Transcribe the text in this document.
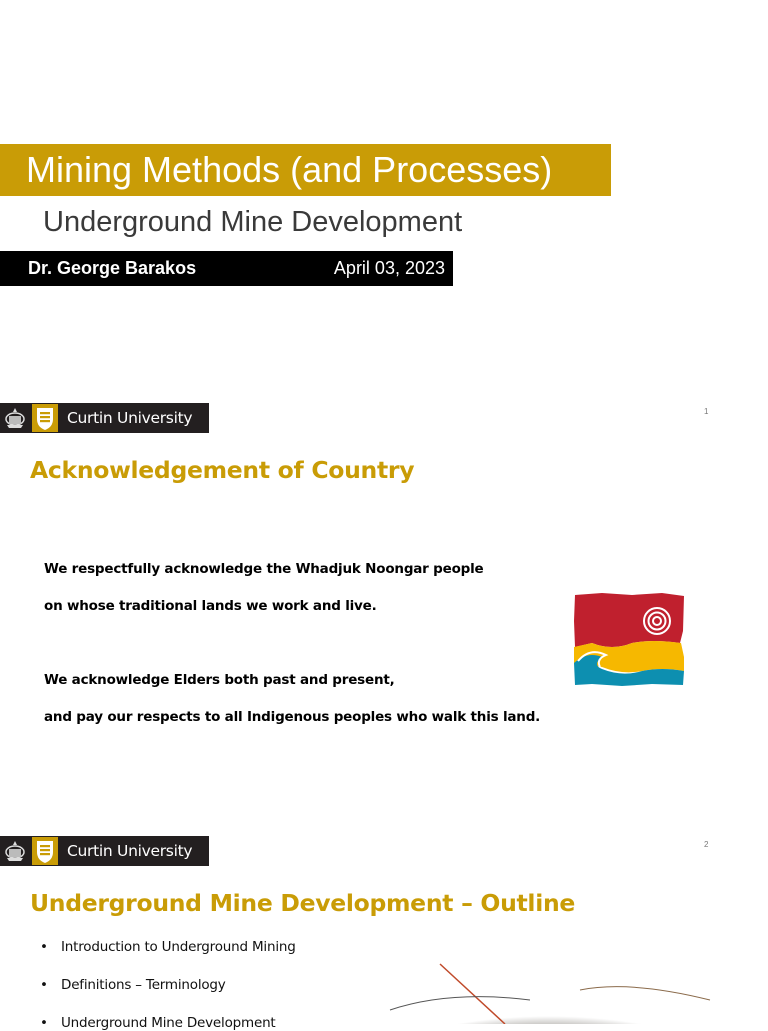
Mining Methods (and Processes)
Underground Mine Development
Dr. George Barakos	April 03, 2023
Curtin University	1
Acknowledgement of Country
We respectfully acknowledge the Whadjuk Noongar people
on whose traditional lands we work and live.
We acknowledge Elders both past and present,
and pay our respects to all Indigenous peoples who walk this land.
Curtin University	2
Underground Mine Development – Outline
• Introduction to Underground Mining
• Definitions – Terminology
• Underground Mine Development
